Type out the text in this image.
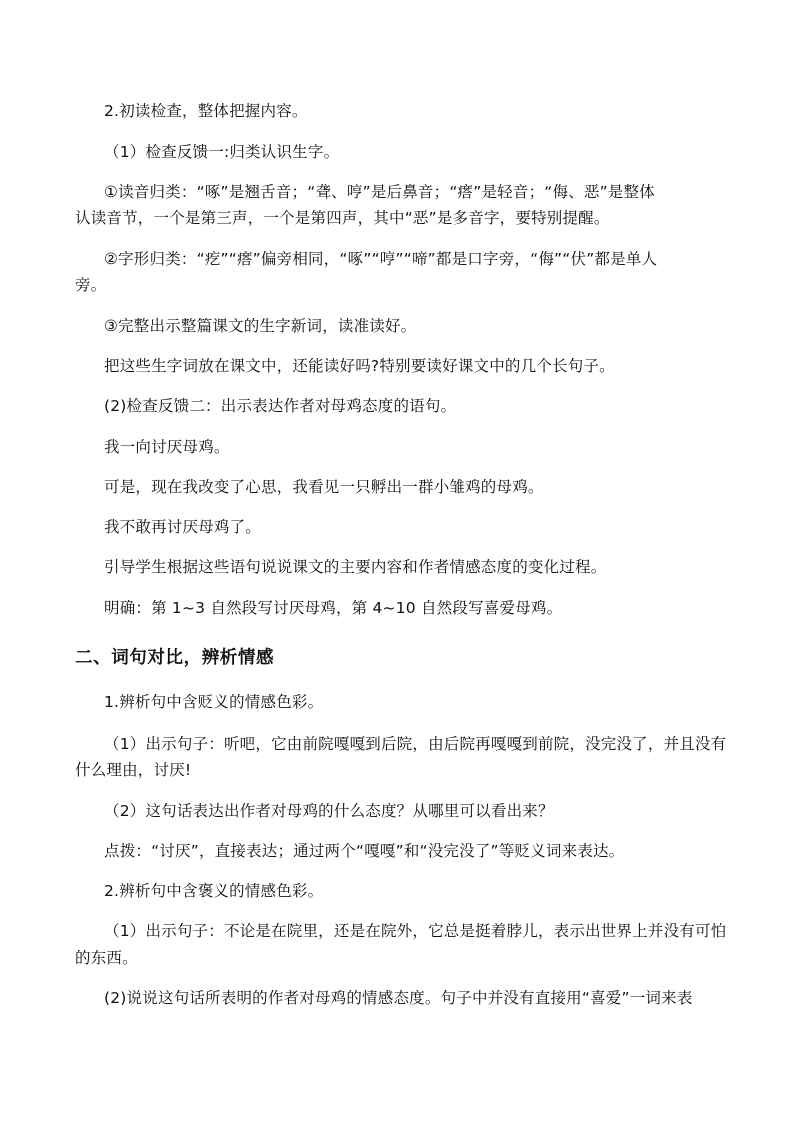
2.初读检查，整体把握内容。
（1）检查反馈一:归类认识生字。
①读音归类：“啄”是翘舌音；“聋、哼”是后鼻音；“瘩”是轻音；“侮、恶”是整体
认读音节，一个是第三声，一个是第四声，其中“恶”是多音字，要特别提醒。
②字形归类：“疙”“瘩”偏旁相同，“啄”“哼”“啼”都是口字旁，“侮”“伏”都是单人
旁。
③完整出示整篇课文的生字新词，读准读好。
把这些生字词放在课文中，还能读好吗?特别要读好课文中的几个长句子。
(2)检查反馈二：出示表达作者对母鸡态度的语句。
我一向讨厌母鸡。
可是，现在我改变了心思，我看见一只孵出一群小雏鸡的母鸡。
我不敢再讨厌母鸡了。
引导学生根据这些语句说说课文的主要内容和作者情感态度的变化过程。
明确：第 1~3 自然段写讨厌母鸡，第 4~10 自然段写喜爱母鸡。
二、词句对比，辨析情感
1.辨析句中含贬义的情感色彩。
（1）出示句子：听吧，它由前院嘎嘎到后院，由后院再嘎嘎到前院，没完没了，并且没有
什么理由，讨厌!
（2）这句话表达出作者对母鸡的什么态度？从哪里可以看出来？
点拨：“讨厌”，直接表达；通过两个“嘎嘎”和“没完没了”等贬义词来表达。
2.辨析句中含褒义的情感色彩。
（1）出示句子：不论是在院里，还是在院外，它总是挺着脖儿，表示出世界上并没有可怕
的东西。
(2)说说这句话所表明的作者对母鸡的情感态度。句子中并没有直接用“喜爱”一词来表
